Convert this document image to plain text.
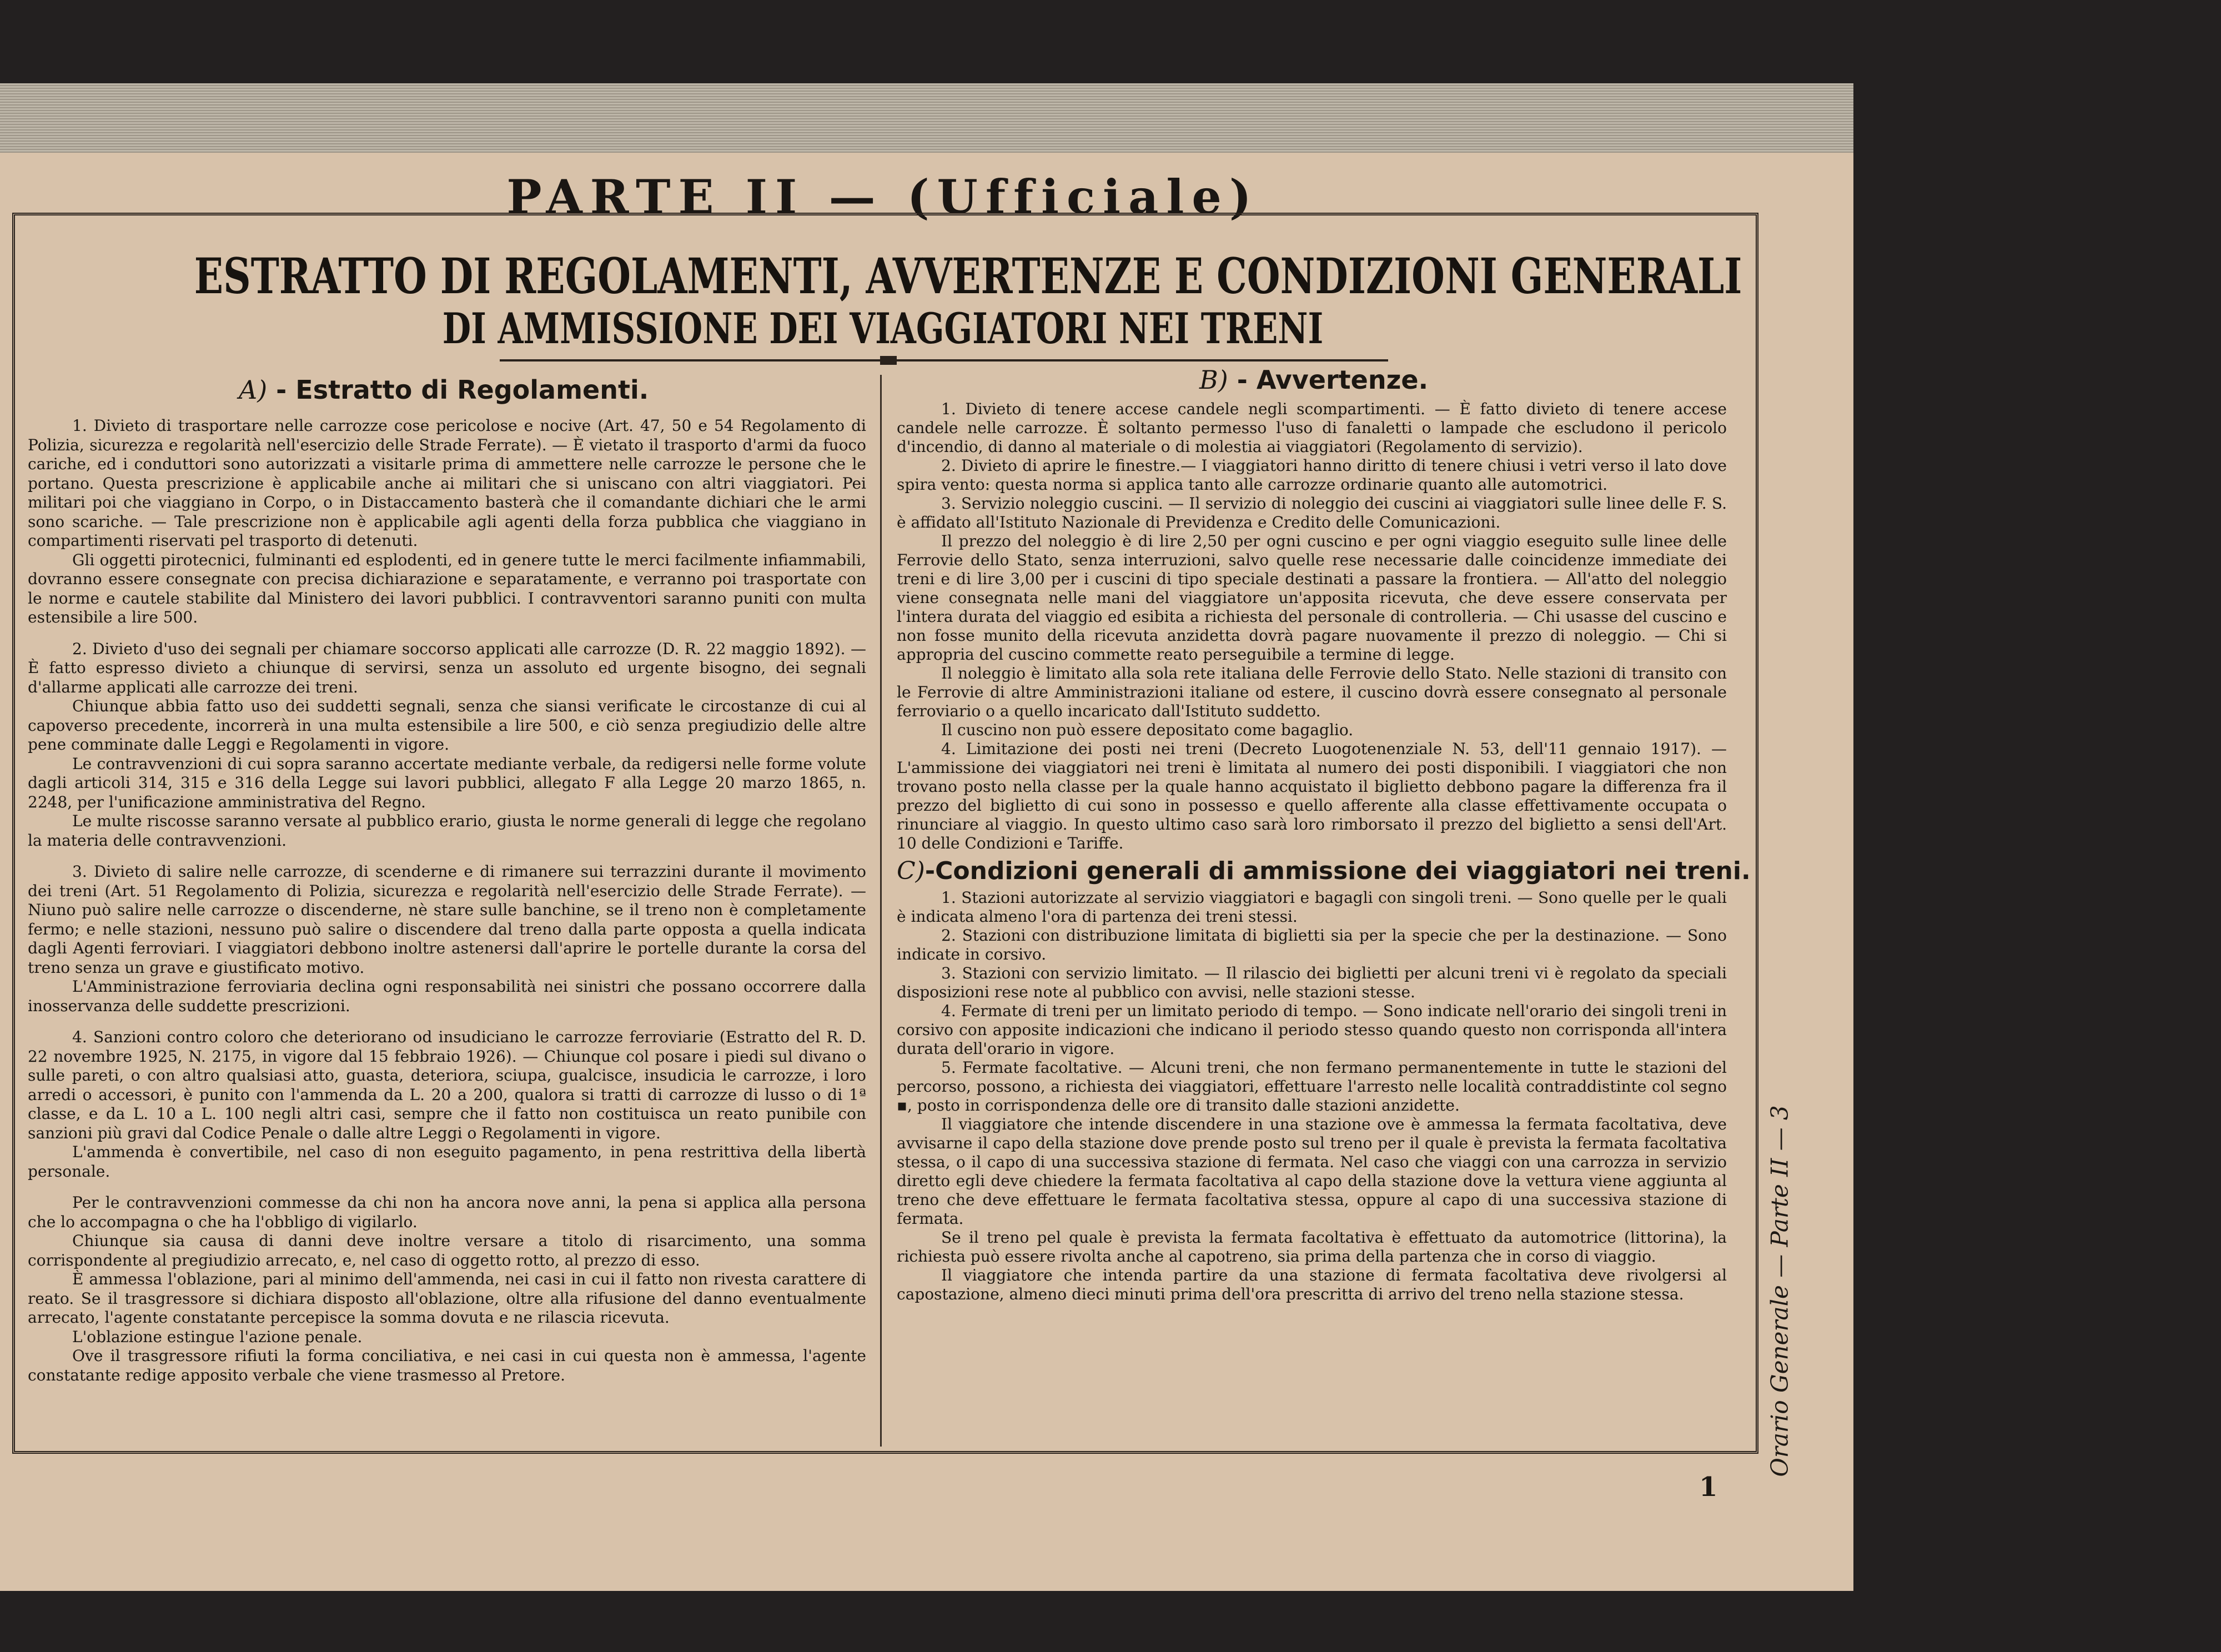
PARTE II — (Ufficiale)
ESTRATTO DI REGOLAMENTI, AVVERTENZE E CONDIZIONI GENERALI
DI AMMISSIONE DEI VIAGGIATORI NEI TRENI
A) - Estratto di Regolamenti.	B) - Avvertenze.

1. Divieto di trasportare nelle carrozze cose pericolose e nocive (Art. 47, 50 e 54 Regolamento di Polizia, sicurezza e regolarità nell'esercizio delle Strade Ferrate). — È vietato il trasporto d'armi da fuoco cariche, ed i conduttori sono autorizzati a visitarle prima di ammettere nelle carrozze le persone che le portano. Questa prescrizione è applicabile anche ai militari che si uniscano con altri viaggiatori. Pei militari poi che viaggiano in Corpo, o in Distaccamento basterà che il comandante dichiari che le armi sono scariche. — Tale prescrizione non è applicabile agli agenti della forza pubblica che viaggiano in compartimenti riservati pel trasporto di detenuti.

Gli oggetti pirotecnici, fulminanti ed esplodenti, ed in genere tutte le merci facilmente infiammabili, dovranno essere consegnate con precisa dichiarazione e separatamente, e verranno poi trasportate con le norme e cautele stabilite dal Ministero dei lavori pubblici. I contravventori saranno puniti con multa estensibile a lire 500.

2. Divieto d'uso dei segnali per chiamare soccorso applicati alle carrozze (D. R. 22 maggio 1892). — È fatto espresso divieto a chiunque di servirsi, senza un assoluto ed urgente bisogno, dei segnali d'allarme applicati alle carrozze dei treni.

Chiunque abbia fatto uso dei suddetti segnali, senza che siansi verificate le circostanze di cui al capoverso precedente, incorrerà in una multa estensibile a lire 500, e ciò senza pregiudizio delle altre pene comminate dalle Leggi e Regolamenti in vigore.

Le contravvenzioni di cui sopra saranno accertate mediante verbale, da redigersi nelle forme volute dagli articoli 314, 315 e 316 della Legge sui lavori pubblici, allegato F alla Legge 20 marzo 1865, n. 2248, per l'unificazione amministrativa del Regno.

Le multe riscosse saranno versate al pubblico erario, giusta le norme generali di legge che regolano la materia delle contravvenzioni.

3. Divieto di salire nelle carrozze, di scenderne e di rimanere sui terrazzini durante il movimento dei treni (Art. 51 Regolamento di Polizia, sicurezza e regolarità nell'esercizio delle Strade Ferrate). — Niuno può salire nelle carrozze o discenderne, nè stare sulle banchine, se il treno non è completamente fermo; e nelle stazioni, nessuno può salire o discendere dal treno dalla parte opposta a quella indicata dagli Agenti ferroviari. I viaggiatori debbono inoltre astenersi dall'aprire le portelle durante la corsa del treno senza un grave e giustificato motivo.

L'Amministrazione ferroviaria declina ogni responsabilità nei sinistri che possano occorrere dalla inosservanza delle suddette prescrizioni.

4. Sanzioni contro coloro che deteriorano od insudiciano le carrozze ferroviarie (Estratto del R. D. 22 novembre 1925, N. 2175, in vigore dal 15 febbraio 1926). — Chiunque col posare i piedi sul divano o sulle pareti, o con altro qualsiasi atto, guasta, deteriora, sciupa, gualcisce, insudicia le carrozze, i loro arredi o accessori, è punito con l'ammenda da L. 20 a 200, qualora si tratti di carrozze di lusso o di 1ª classe, e da L. 10 a L. 100 negli altri casi, sempre che il fatto non costituisca un reato punibile con sanzioni più gravi dal Codice Penale o dalle altre Leggi o Regolamenti in vigore.

L'ammenda è convertibile, nel caso di non eseguito pagamento, in pena restrittiva della libertà personale.

Per le contravvenzioni commesse da chi non ha ancora nove anni, la pena si applica alla persona che lo accompagna o che ha l'obbligo di vigilarlo.

Chiunque sia causa di danni deve inoltre versare a titolo di risarcimento, una somma corrispondente al pregiudizio arrecato, e, nel caso di oggetto rotto, al prezzo di esso.

È ammessa l'oblazione, pari al minimo dell'ammenda, nei casi in cui il fatto non rivesta carattere di reato. Se il trasgressore si dichiara disposto all'oblazione, oltre alla rifusione del danno eventualmente arrecato, l'agente constatante percepisce la somma dovuta e ne rilascia ricevuta.

L'oblazione estingue l'azione penale.

Ove il trasgressore rifiuti la forma conciliativa, e nei casi in cui questa non è ammessa, l'agente constatante redige apposito verbale che viene trasmesso al Pretore.

1. Divieto di tenere accese candele negli scompartimenti. — È fatto divieto di tenere accese candele nelle carrozze. È soltanto permesso l'uso di fanaletti o lampade che escludono il pericolo d'incendio, di danno al materiale o di molestia ai viaggiatori (Regolamento di servizio).

2. Divieto di aprire le finestre.— I viaggiatori hanno diritto di tenere chiusi i vetri verso il lato dove spira vento: questa norma si applica tanto alle carrozze ordinarie quanto alle automotrici.

3. Servizio noleggio cuscini. — Il servizio di noleggio dei cuscini ai viaggiatori sulle linee delle F. S. è affidato all'Istituto Nazionale di Previdenza e Credito delle Comunicazioni.

Il prezzo del noleggio è di lire 2,50 per ogni cuscino e per ogni viaggio eseguito sulle linee delle Ferrovie dello Stato, senza interruzioni, salvo quelle rese necessarie dalle coincidenze immediate dei treni e di lire 3,00 per i cuscini di tipo speciale destinati a passare la frontiera. — All'atto del noleggio viene consegnata nelle mani del viaggiatore un'apposita ricevuta, che deve essere conservata per l'intera durata del viaggio ed esibita a richiesta del personale di controlleria. — Chi usasse del cuscino e non fosse munito della ricevuta anzidetta dovrà pagare nuovamente il prezzo di noleggio. — Chi si appropria del cuscino commette reato perseguibile a termine di legge.

Il noleggio è limitato alla sola rete italiana delle Ferrovie dello Stato. Nelle stazioni di transito con le Ferrovie di altre Amministrazioni italiane od estere, il cuscino dovrà essere consegnato al personale ferroviario o a quello incaricato dall'Istituto suddetto.

Il cuscino non può essere depositato come bagaglio.

4. Limitazione dei posti nei treni (Decreto Luogotenenziale N. 53, dell'11 gennaio 1917). — L'ammissione dei viaggiatori nei treni è limitata al numero dei posti disponibili. I viaggiatori che non trovano posto nella classe per la quale hanno acquistato il biglietto debbono pagare la differenza fra il prezzo del biglietto di cui sono in possesso e quello afferente alla classe effettivamente occupata o rinunciare al viaggio. In questo ultimo caso sarà loro rimborsato il prezzo del biglietto a sensi dell'Art. 10 delle Condizioni e Tariffe.

C)-Condizioni generali di ammissione dei viaggiatori nei treni.

1. Stazioni autorizzate al servizio viaggiatori e bagagli con singoli treni. — Sono quelle per le quali è indicata almeno l'ora di partenza dei treni stessi.

2. Stazioni con distribuzione limitata di biglietti sia per la specie che per la destinazione. — Sono indicate in corsivo.

3. Stazioni con servizio limitato. — Il rilascio dei biglietti per alcuni treni vi è regolato da speciali disposizioni rese note al pubblico con avvisi, nelle stazioni stesse.

4. Fermate di treni per un limitato periodo di tempo. — Sono indicate nell'orario dei singoli treni in corsivo con apposite indicazioni che indicano il periodo stesso quando questo non corrisponda all'intera durata dell'orario in vigore.

5. Fermate facoltative. — Alcuni treni, che non fermano permanentemente in tutte le stazioni del percorso, possono, a richiesta dei viaggiatori, effettuare l'arresto nelle località contraddistinte col segno ▪, posto in corrispondenza delle ore di transito dalle stazioni anzidette.

Il viaggiatore che intende discendere in una stazione ove è ammessa la fermata facoltativa, deve avvisarne il capo della stazione dove prende posto sul treno per il quale è prevista la fermata facoltativa stessa, o il capo di una successiva stazione di fermata. Nel caso che viaggi con una carrozza in servizio diretto egli deve chiedere la fermata facoltativa al capo della stazione dove la vettura viene aggiunta al treno che deve effettuare le fermata facoltativa stessa, oppure al capo di una successiva stazione di fermata.

Se il treno pel quale è prevista la fermata facoltativa è effettuato da automotrice (littorina), la richiesta può essere rivolta anche al capotreno, sia prima della partenza che in corso di viaggio.

Il viaggiatore che intenda partire da una stazione di fermata facoltativa deve rivolgersi al capostazione, almeno dieci minuti prima dell'ora prescritta di arrivo del treno nella stazione stessa.	Orario Generale — Parte II — 3
1
